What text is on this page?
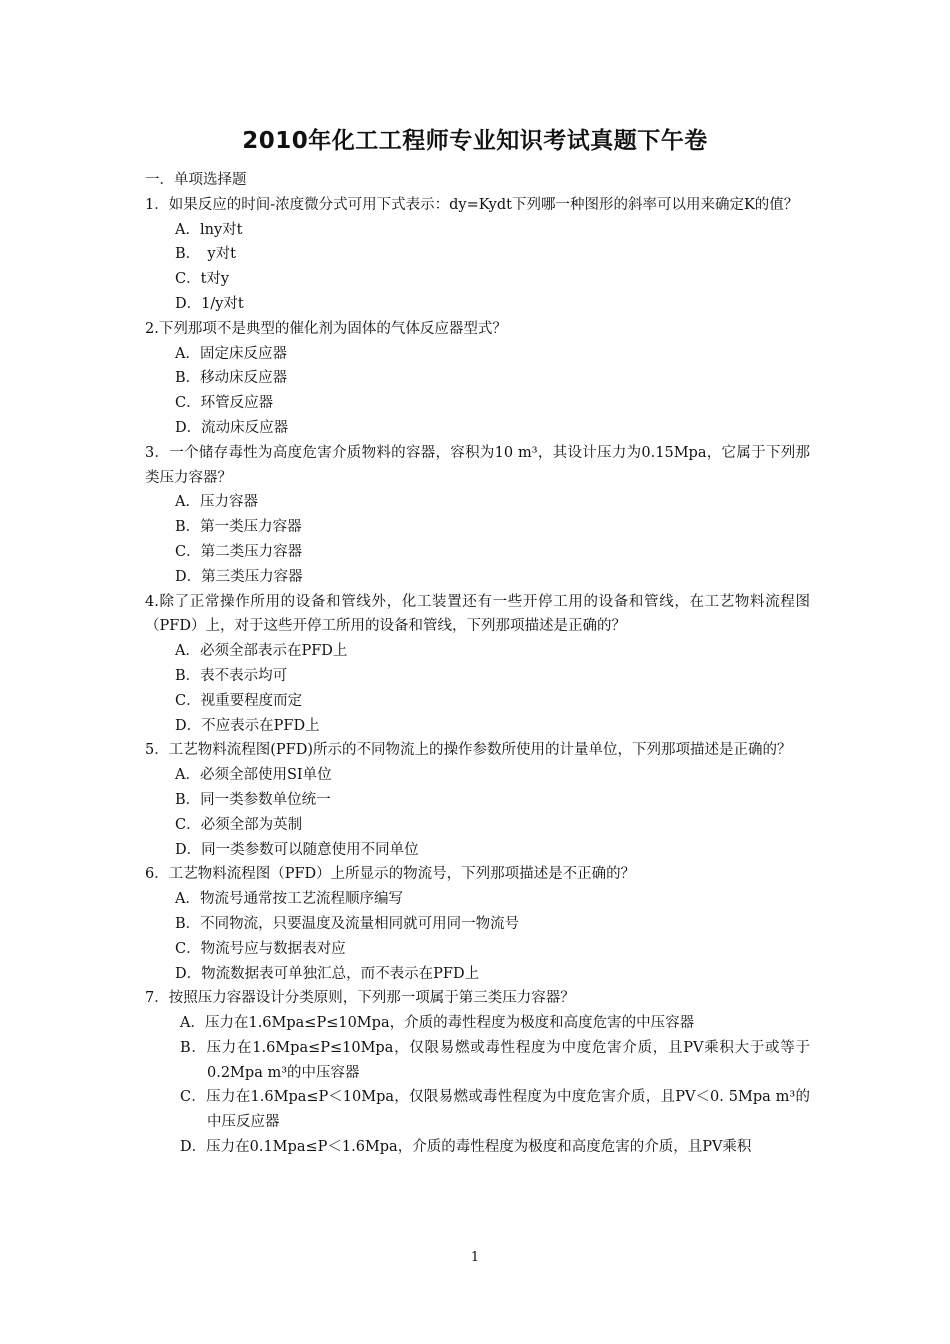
2010年化工工程师专业知识考试真题下午卷
一．单项选择题
1．如果反应的时间-浓度微分式可用下式表示：dy=Kydt下列哪一种图形的斜率可以用来确定K的值？
A．lny对t
B．　y对t
C．t对y
D．1/y对t
2.下列那项不是典型的催化剂为固体的气体反应器型式？
A．固定床反应器
B．移动床反应器
C．环管反应器
D．流动床反应器
3．一个储存毒性为高度危害介质物料的容器，容积为10 m³，其设计压力为0.15Mpa，它属于下列那类压力容器？
A．压力容器
B．第一类压力容器
C．第二类压力容器
D．第三类压力容器
4.除了正常操作所用的设备和管线外，化工装置还有一些开停工用的设备和管线，在工艺物料流程图（PFD）上，对于这些开停工所用的设备和管线，下列那项描述是正确的？
A．必须全部表示在PFD上
B．表不表示均可
C．视重要程度而定
D．不应表示在PFD上
5．工艺物料流程图(PFD)所示的不同物流上的操作参数所使用的计量单位，下列那项描述是正确的？
A．必须全部使用SI单位
B．同一类参数单位统一
C．必须全部为英制
D．同一类参数可以随意使用不同单位
6．工艺物料流程图（PFD）上所显示的物流号，下列那项描述是不正确的？
A．物流号通常按工艺流程顺序编写
B．不同物流，只要温度及流量相同就可用同一物流号
C．物流号应与数据表对应
D．物流数据表可单独汇总，而不表示在PFD上
7．按照压力容器设计分类原则，下列那一项属于第三类压力容器？
A．压力在1.6Mpa≤P≤10Mpa，介质的毒性程度为极度和高度危害的中压容器
B．压力在1.6Mpa≤P≤10Mpa，仅限易燃或毒性程度为中度危害介质，且PV乘积大于或等于0.2Mpa m³的中压容器
C．压力在1.6Mpa≤P＜10Mpa，仅限易燃或毒性程度为中度危害介质，且PV＜0. 5Mpa m³的中压反应器
D．压力在0.1Mpa≤P＜1.6Mpa，介质的毒性程度为极度和高度危害的介质，且PV乘积
1
